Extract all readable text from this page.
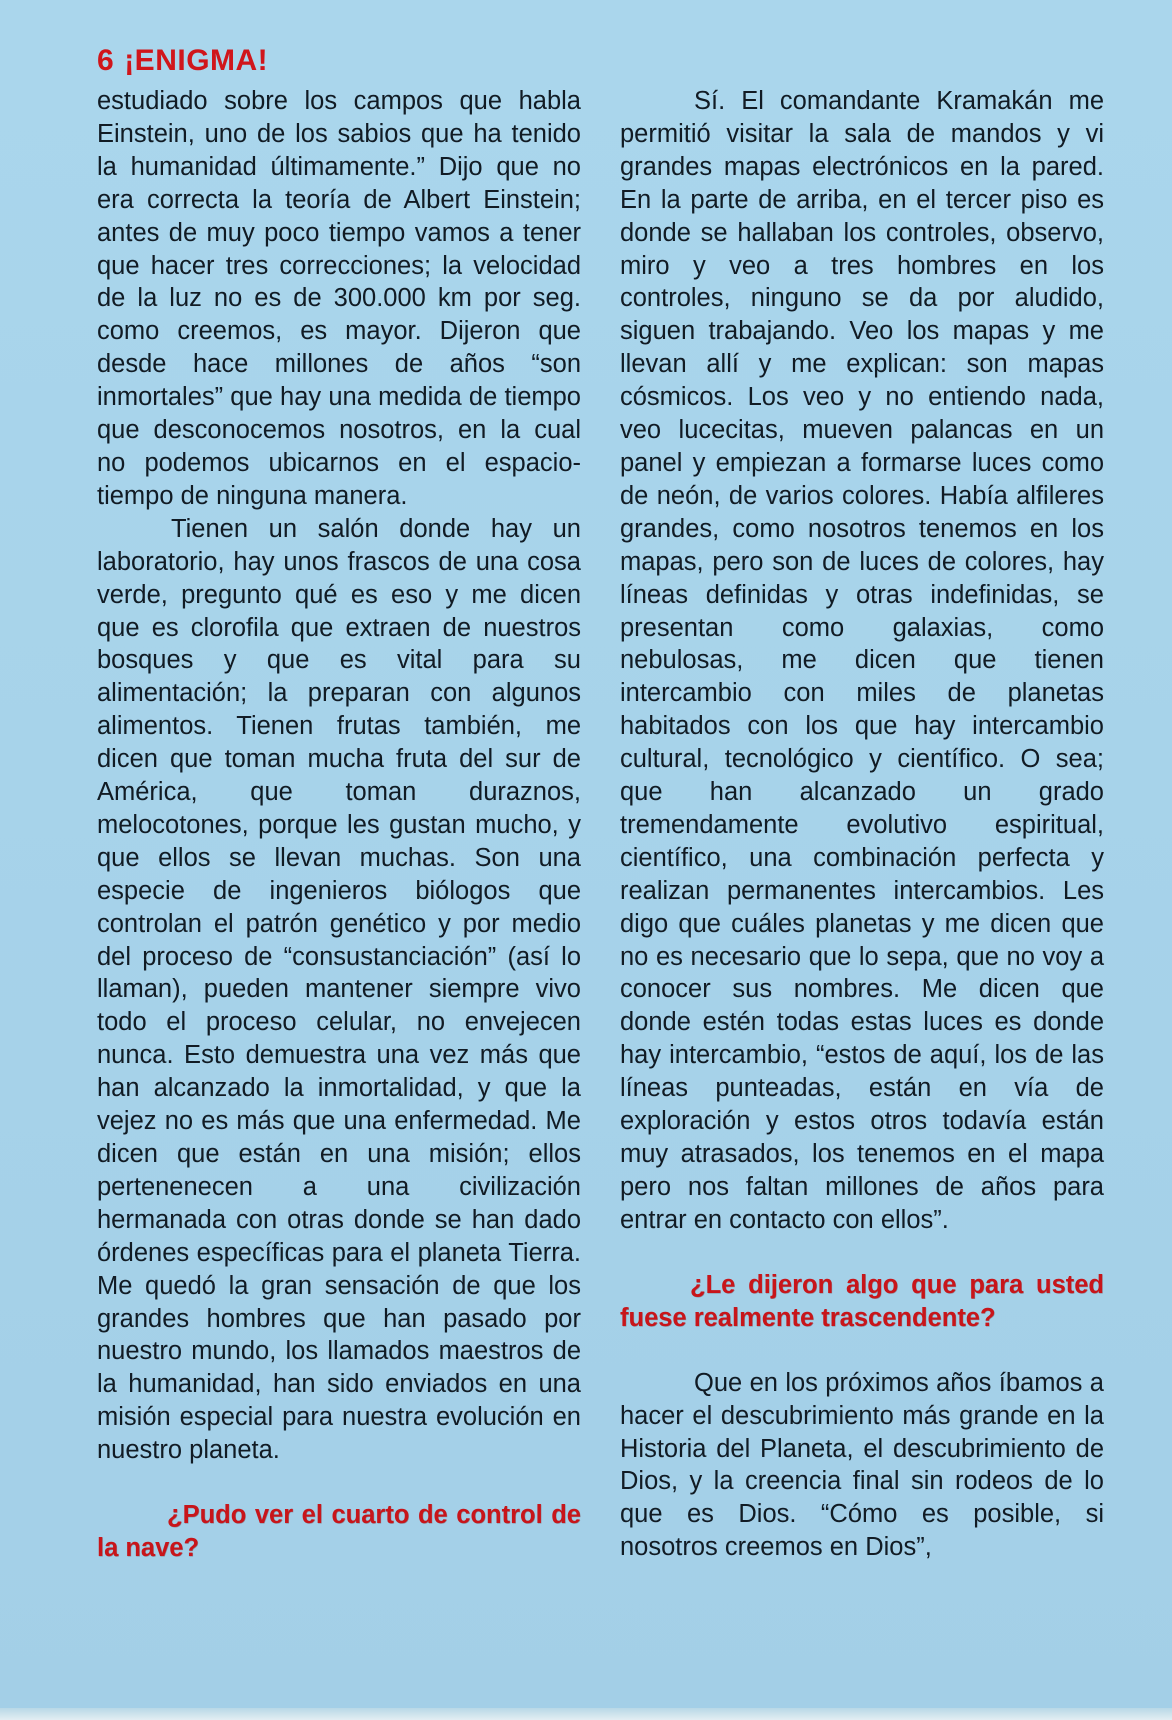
6 ¡ENIGMA!

estudiado sobre los campos que habla Einstein, uno de los sabios que ha tenido la humanidad últimamente.” Dijo que no era correcta la teoría de Albert Einstein; antes de muy poco tiempo vamos a tener que hacer tres correcciones; la velocidad de la luz no es de 300.000 km por seg. como creemos, es mayor. Dijeron que desde hace millones de años “son inmortales” que hay una medida de tiempo que desconocemos nosotros, en la cual no podemos ubicarnos en el espacio-tiempo de ninguna manera.

Tienen un salón donde hay un laboratorio, hay unos frascos de una cosa verde, pregunto qué es eso y me dicen que es clorofila que extraen de nuestros bosques y que es vital para su alimentación; la preparan con algunos alimentos. Tienen frutas también, me dicen que toman mucha fruta del sur de América, que toman duraznos, melocotones, porque les gustan mucho, y que ellos se llevan muchas. Son una especie de ingenieros biólogos que controlan el patrón genético y por medio del proceso de “consustanciación” (así lo llaman), pueden mantener siempre vivo todo el proceso celular, no envejecen nunca. Esto demuestra una vez más que han alcanzado la inmortalidad, y que la vejez no es más que una enfermedad. Me dicen que están en una misión; ellos pertenenecen a una civilización hermanada con otras donde se han dado órdenes específicas para el planeta Tierra. Me quedó la gran sensación de que los grandes hombres que han pasado por nuestro mundo, los llamados maestros de la humanidad, han sido enviados en una misión especial para nuestra evolución en nuestro planeta.

¿Pudo ver el cuarto de control de la nave?

Sí. El comandante Kramakán me permitió visitar la sala de mandos y vi grandes mapas electrónicos en la pared. En la parte de arriba, en el tercer piso es donde se hallaban los controles, observo, miro y veo a tres hombres en los controles, ninguno se da por aludido, siguen trabajando. Veo los mapas y me llevan allí y me explican: son mapas cósmicos. Los veo y no entiendo nada, veo lucecitas, mueven palancas en un panel y empiezan a formarse luces como de neón, de varios colores. Había alfileres grandes, como nosotros tenemos en los mapas, pero son de luces de colores, hay líneas definidas y otras indefinidas, se presentan como galaxias, como nebulosas, me dicen que tienen intercambio con miles de planetas habitados con los que hay intercambio cultural, tecnológico y científico. O sea; que han alcanzado un grado tremendamente evolutivo espiritual, científico, una combinación perfecta y realizan permanentes intercambios. Les digo que cuáles planetas y me dicen que no es necesario que lo sepa, que no voy a conocer sus nombres. Me dicen que donde estén todas estas luces es donde hay intercambio, “estos de aquí, los de las líneas punteadas, están en vía de exploración y estos otros todavía están muy atrasados, los tenemos en el mapa pero nos faltan millones de años para entrar en contacto con ellos”.

¿Le dijeron algo que para usted fuese realmente trascendente?

Que en los próximos años íbamos a hacer el descubrimiento más grande en la Historia del Planeta, el descubrimiento de Dios, y la creencia final sin rodeos de lo que es Dios. “Cómo es posible, si nosotros creemos en Dios”,
